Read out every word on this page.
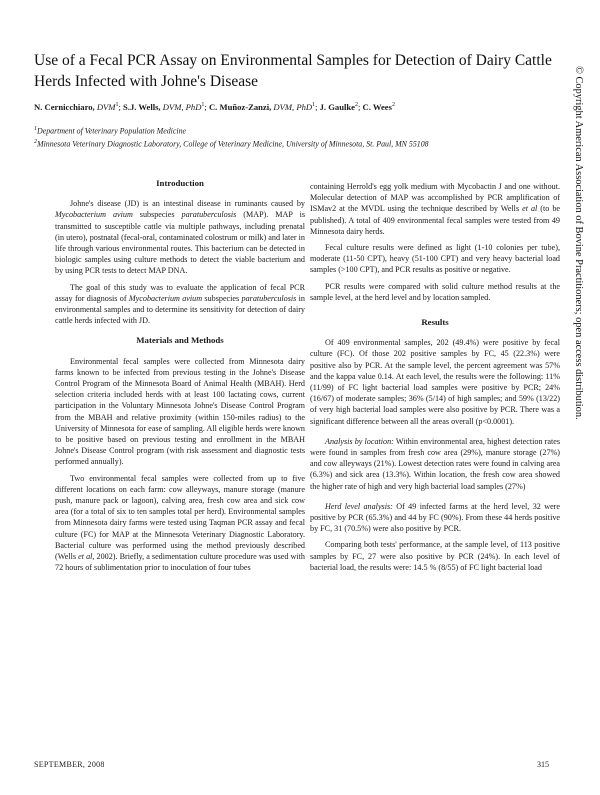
Use of a Fecal PCR Assay on Environmental Samples for Detection of Dairy Cattle Herds Infected with Johne's Disease
N. Cernicchiaro, DVM$^1$; S.J. Wells, DVM, PhD$^1$; C. Muñoz-Zanzi, DVM, PhD$^1$; J. Gaulke$^2$; C. Wees$^2$

$^1$Department of Veterinary Population Medicine

$^2$Minnesota Veterinary Diagnostic Laboratory, College of Veterinary Medicine, University of Minnesota, St. Paul, MN 55108	© Copyright American Association of Bovine Practitioners; open access distribution.
Introduction

Johne's disease (JD) is an intestinal disease in ruminants caused by Mycobacterium avium subspecies paratuberculosis (MAP). MAP is transmitted to susceptible cattle via multiple pathways, including prenatal (in utero), postnatal (fecal-oral, contaminated colostrum or milk) and later in life through various environmental routes. This bacterium can be detected in biologic samples using culture methods to detect the viable bacterium and by using PCR tests to detect MAP DNA.

The goal of this study was to evaluate the application of fecal PCR assay for diagnosis of Mycobacterium avium subspecies paratuberculosis in environmental samples and to determine its sensitivity for detection of dairy cattle herds infected with JD.

Materials and Methods

Environmental fecal samples were collected from Minnesota dairy farms known to be infected from previous testing in the Johne's Disease Control Program of the Minnesota Board of Animal Health (MBAH). Herd selection criteria included herds with at least 100 lactating cows, current participation in the Voluntary Minnesota Johne's Disease Control Program from the MBAH and relative proximity (within 150-miles radius) to the University of Minnesota for ease of sampling. All eligible herds were known to be positive based on previous testing and enrollment in the MBAH Johne's Disease Control program (with risk assessment and diagnostic tests performed annually).

Two environmental fecal samples were collected from up to five different locations on each farm: cow alleyways, manure storage (manure push, manure pack or lagoon), calving area, fresh cow area and sick cow area (for a total of six to ten samples total per herd). Environmental samples from Minnesota dairy farms were tested using Taqman PCR assay and fecal culture (FC) for MAP at the Minnesota Veterinary Diagnostic Laboratory. Bacterial culture was performed using the method previously described (Wells et al, 2002). Briefly, a sedimentation culture procedure was used with 72 hours of sublimentation prior to inoculation of four tubes

containing Herrold's egg yolk medium with Mycobactin J and one without. Molecular detection of MAP was accomplished by PCR amplification of ISMav2 at the MVDL using the technique described by Wells et al (to be published). A total of 409 environmental fecal samples were tested from 49 Minnesota dairy herds.

Fecal culture results were defined as light (1-10 colonies per tube), moderate (11-50 CPT), heavy (51-100 CPT) and very heavy bacterial load samples (>100 CPT), and PCR results as positive or negative.

PCR results were compared with solid culture method results at the sample level, at the herd level and by location sampled.

Results

Of 409 environmental samples, 202 (49.4%) were positive by fecal culture (FC). Of those 202 positive samples by FC, 45 (22.3%) were positive also by PCR. At the sample level, the percent agreement was 57% and the kappa value 0.14. At each level, the results were the following: 11% (11/99) of FC light bacterial load samples were positive by PCR; 24% (16/67) of moderate samples; 36% (5/14) of high samples; and 59% (13/22) of very high bacterial load samples were also positive by PCR. There was a significant difference between all the areas overall (p<0.0001).

Analysis by location: Within environmental area, highest detection rates were found in samples from fresh cow area (29%), manure storage (27%) and cow alleyways (21%). Lowest detection rates were found in calving area (6.3%) and sick area (13.3%). Within location, the fresh cow area showed the higher rate of high and very high bacterial load samples (27%)

Herd level analysis: Of 49 infected farms at the herd level, 32 were positive by PCR (65.3%) and 44 by FC (90%). From these 44 herds positive by FC, 31 (70.5%) were also positive by PCR.

Comparing both tests' performance, at the sample level, of 113 positive samples by FC, 27 were also positive by PCR (24%). In each level of bacterial load, the results were: 14.5 % (8/55) of FC light bacterial load

SEPTEMBER, 2008	315
